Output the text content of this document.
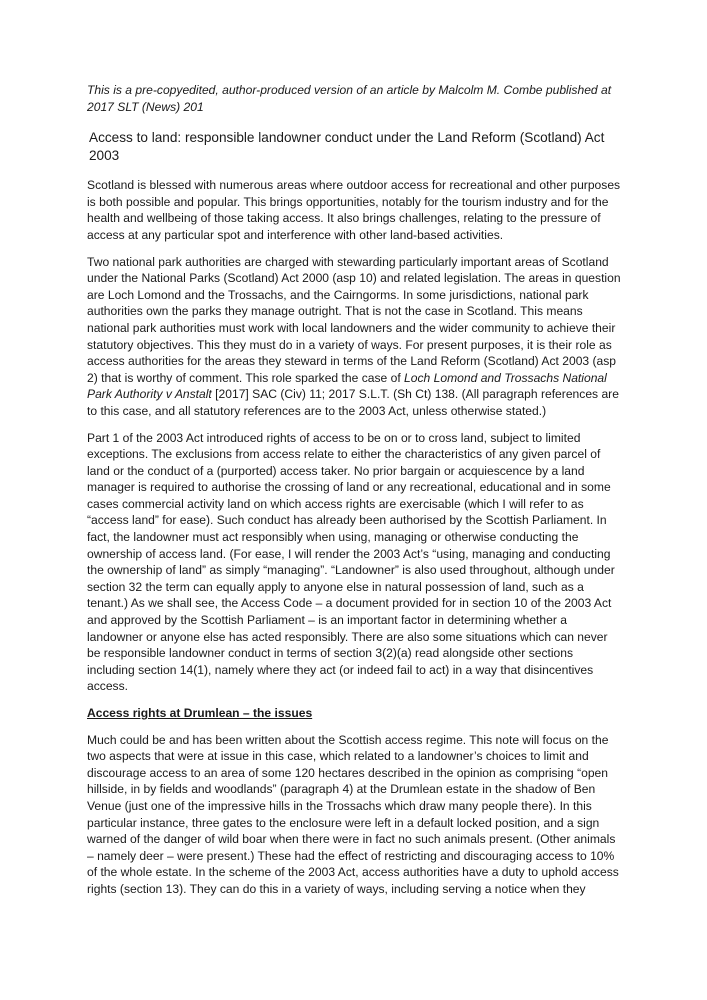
This is a pre-copyedited, author-produced version of an article by Malcolm M. Combe published at 2017 SLT (News) 201

Access to land: responsible landowner conduct under the Land Reform (Scotland) Act 2003

Scotland is blessed with numerous areas where outdoor access for recreational and other purposes is both possible and popular. This brings opportunities, notably for the tourism industry and for the health and wellbeing of those taking access. It also brings challenges, relating to the pressure of access at any particular spot and interference with other land-based activities.

Two national park authorities are charged with stewarding particularly important areas of Scotland under the National Parks (Scotland) Act 2000 (asp 10) and related legislation. The areas in question are Loch Lomond and the Trossachs, and the Cairngorms. In some jurisdictions, national park authorities own the parks they manage outright. That is not the case in Scotland. This means national park authorities must work with local landowners and the wider community to achieve their statutory objectives. This they must do in a variety of ways. For present purposes, it is their role as access authorities for the areas they steward in terms of the Land Reform (Scotland) Act 2003 (asp 2) that is worthy of comment. This role sparked the case of Loch Lomond and Trossachs National Park Authority v Anstalt [2017] SAC (Civ) 11; 2017 S.L.T. (Sh Ct) 138. (All paragraph references are to this case, and all statutory references are to the 2003 Act, unless otherwise stated.)

Part 1 of the 2003 Act introduced rights of access to be on or to cross land, subject to limited exceptions. The exclusions from access relate to either the characteristics of any given parcel of land or the conduct of a (purported) access taker. No prior bargain or acquiescence by a land manager is required to authorise the crossing of land or any recreational, educational and in some cases commercial activity land on which access rights are exercisable (which I will refer to as “access land” for ease). Such conduct has already been authorised by the Scottish Parliament. In fact, the landowner must act responsibly when using, managing or otherwise conducting the ownership of access land. (For ease, I will render the 2003 Act’s “using, managing and conducting the ownership of land” as simply “managing”. “Landowner” is also used throughout, although under section 32 the term can equally apply to anyone else in natural possession of land, such as a tenant.) As we shall see, the Access Code – a document provided for in section 10 of the 2003 Act and approved by the Scottish Parliament – is an important factor in determining whether a landowner or anyone else has acted responsibly. There are also some situations which can never be responsible landowner conduct in terms of section 3(2)(a) read alongside other sections including section 14(1), namely where they act (or indeed fail to act) in a way that disincentives access.

Access rights at Drumlean – the issues

Much could be and has been written about the Scottish access regime. This note will focus on the two aspects that were at issue in this case, which related to a landowner’s choices to limit and discourage access to an area of some 120 hectares described in the opinion as comprising “open hillside, in by fields and woodlands” (paragraph 4) at the Drumlean estate in the shadow of Ben Venue (just one of the impressive hills in the Trossachs which draw many people there). In this particular instance, three gates to the enclosure were left in a default locked position, and a sign warned of the danger of wild boar when there were in fact no such animals present. (Other animals – namely deer – were present.) These had the effect of restricting and discouraging access to 10% of the whole estate. In the scheme of the 2003 Act, access authorities have a duty to uphold access rights (section 13). They can do this in a variety of ways, including serving a notice when they
